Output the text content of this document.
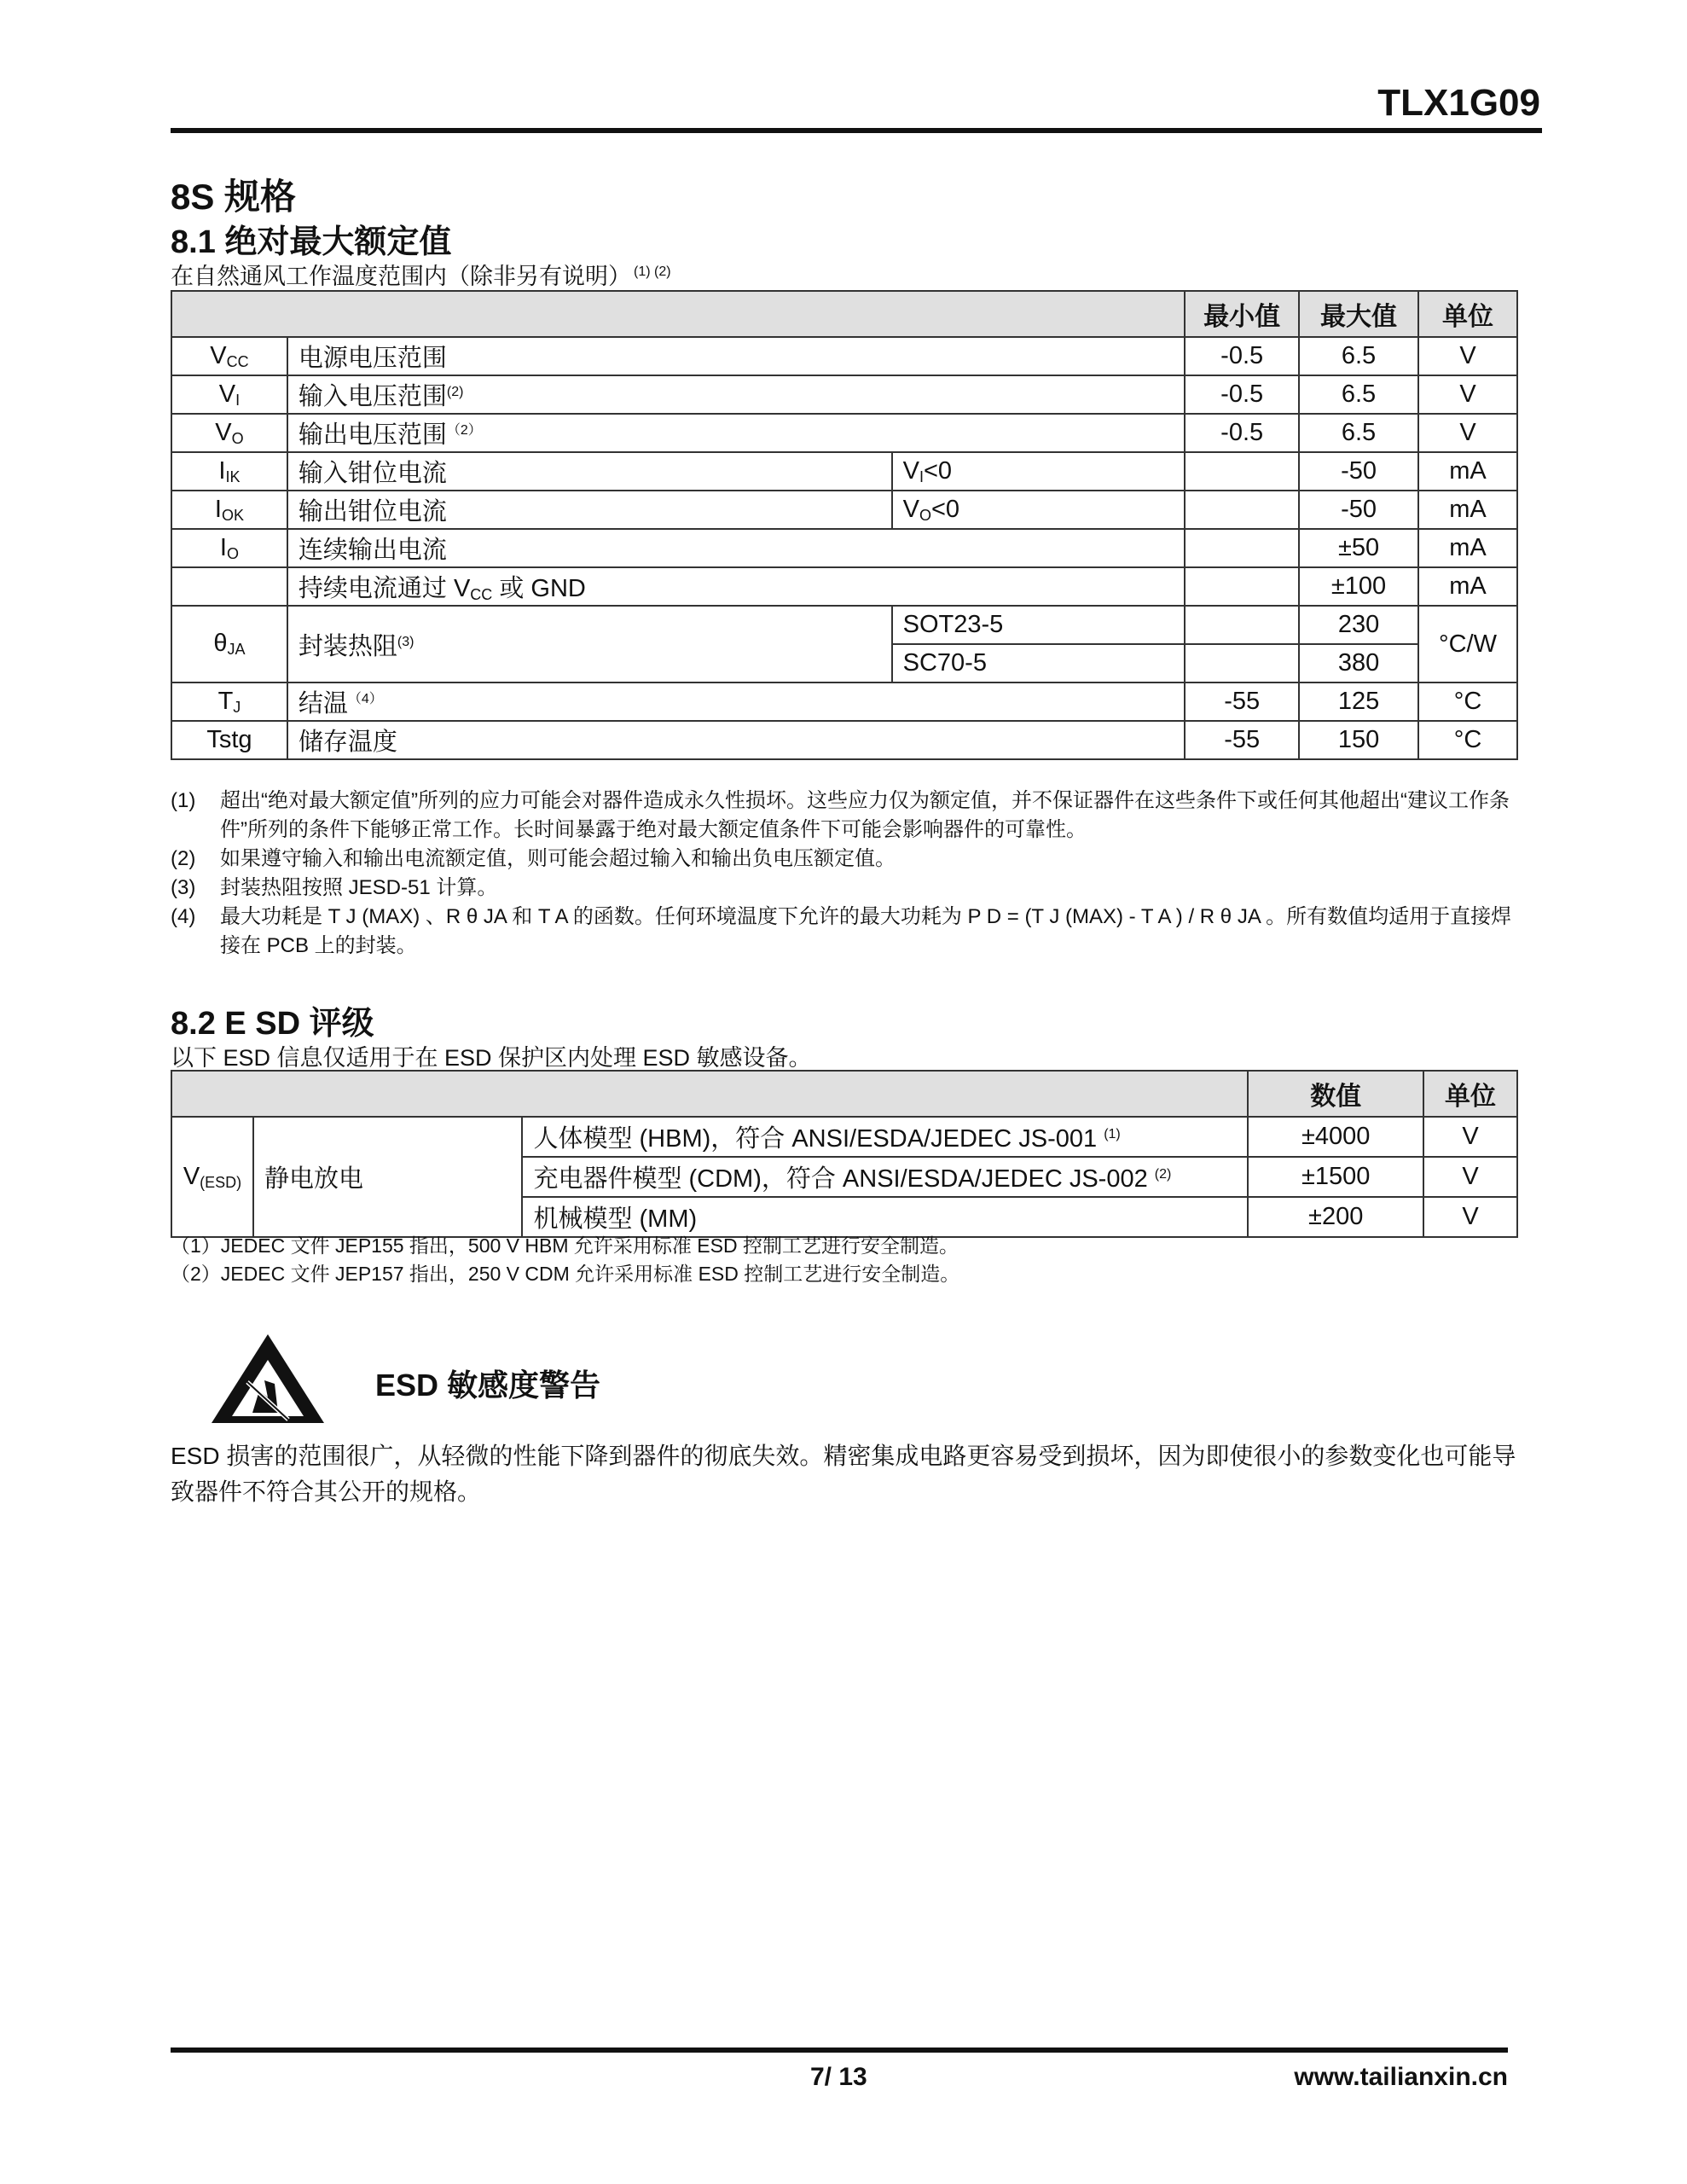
TLX1G09
8S 规格
8.1 绝对最大额定值
在自然通风工作温度范围内（除非另有说明） $^{(1) (2)}$
			最小值	最大值	单位
$V_{CC}$	电源电压范围		-0.5	6.5	V
$V_I$	输入电压范围$^{(2)}$		-0.5	6.5	V
$V_O$	输出电压范围$^{(2)}$		-0.5	6.5	V
$I_{IK}$	输入钳位电流	$V_I<0$		-50	mA
$I_{OK}$	输出钳位电流	$V_O<0$		-50	mA
$I_O$	连续输出电流			±50	mA
	持续电流通过 $V_{CC}$ 或 GND			±100	mA
$\theta_{JA}$	封装热阻$^{(3)}$	SOT23-5		230	°C/W
		SC70-5		380	
$T_J$	结温$^{(4)}$		-55	125	°C
Tstg	储存温度		-55	150	°C
(1)	超出“绝对最大额定值”所列的应力可能会对器件造成永久性损坏。这些应力仅为额定值，并不保证器件在这些条件下或任何其他超出“建议工作条件”所列的条件下能够正常工作。长时间暴露于绝对最大额定值条件下可能会影响器件的可靠性。
(2)	如果遵守输入和输出电流额定值，则可能会超过输入和输出负电压额定值。
(3)	封装热阻按照 JESD-51 计算。
(4)	最大功耗是 T J (MAX) 、R θ JA 和 T A 的函数。任何环境温度下允许的最大功耗为 P D = (T J (MAX) - T A ) / R θ JA 。所有数值均适用于直接焊接在 PCB 上的封装。
8.2 E SD 评级
以下 ESD 信息仅适用于在 ESD 保护区内处理 ESD 敏感设备。
			数值	单位
$V_{(ESD)}$	静电放电	人体模型 (HBM)，符合 ANSI/ESDA/JEDEC JS-001 $^{(1)}$	±4000	V
		充电器件模型 (CDM)，符合 ANSI/ESDA/JEDEC JS-002 $^{(2)}$	±1500	V
		机械模型 (MM)	±200	V
（1）JEDEC 文件 JEP155 指出，500 V HBM 允许采用标准 ESD 控制工艺进行安全制造。
（2）JEDEC 文件 JEP157 指出，250 V CDM 允许采用标准 ESD 控制工艺进行安全制造。
ESD 敏感度警告
ESD 损害的范围很广，从轻微的性能下降到器件的彻底失效。精密集成电路更容易受到损坏，因为即使很小的参数变化也可能导致器件不符合其公开的规格。
7/ 13	www.tailianxin.cn
